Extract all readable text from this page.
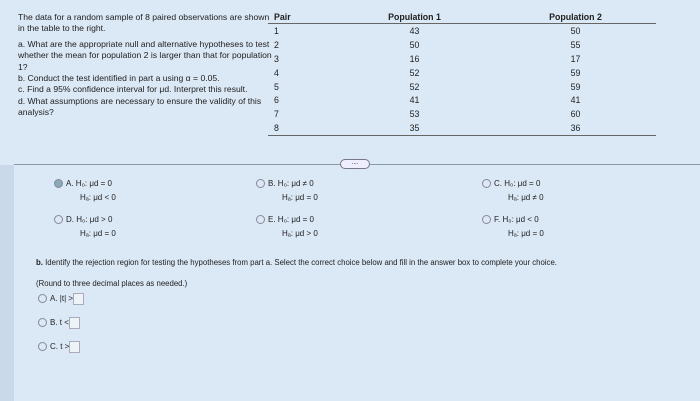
The data for a random sample of 8 paired observations are shown in the table to the right.

a. What are the appropriate null and alternative hypotheses to test whether the mean for population 2 is larger than that for population 1?

b. Conduct the test identified in part a using α = 0.05.

c. Find a 95% confidence interval for μd. Interpret this result.

d. What assumptions are necessary to ensure the validity of this analysis?

Pair	Population 1	Population 2
1	43	50
2	50	55
3	16	17
4	52	59
5	52	59
6	41	41
7	53	60
8	35	36
....
A. H₀: μd = 0
Hₐ: μd < 0
B. H₀: μd ≠ 0
Hₐ: μd = 0
C. H₀: μd = 0
Hₐ: μd ≠ 0
D. H₀: μd > 0
Hₐ: μd = 0
E. H₀: μd = 0
Hₐ: μd > 0
F. H₀: μd < 0
Hₐ: μd = 0
b. Identify the rejection region for testing the hypotheses from part a. Select the correct choice below and fill in the answer box to complete your choice.
(Round to three decimal places as needed.)
A. |t| >
B. t <
C. t >
